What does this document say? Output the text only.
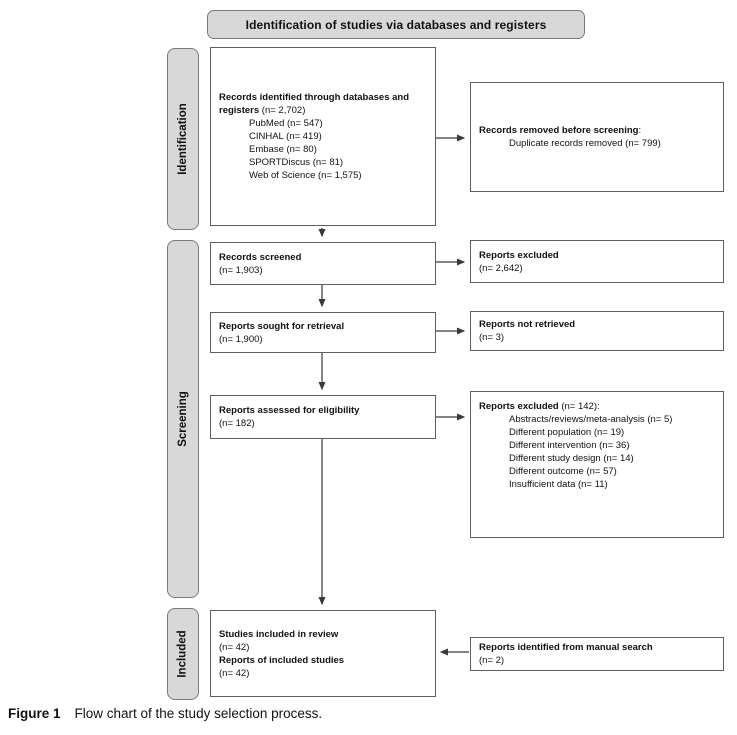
Identification of studies via databases and registers
Identification
Screening
Included
Records identified through databases and registers (n= 2,702)
PubMed (n= 547)
CINHAL (n= 419)
Embase (n= 80)
SPORTDiscus (n= 81)
Web of Science (n= 1,575)
Records screened
(n= 1,903)
Reports sought for retrieval
(n= 1,900)
Reports assessed for eligibility
(n= 182)
Studies included in review
(n= 42)
Reports of included studies
(n= 42)
Records removed before screening:
Duplicate records removed (n= 799)
Reports excluded
(n= 2,642)
Reports not retrieved
(n= 3)
Reports excluded (n= 142):
Abstracts/reviews/meta-analysis (n= 5)
Different population (n= 19)
Different intervention (n= 36)
Different study design (n= 14)
Different outcome (n= 57)
Insufficient data (n= 11)
Reports identified from manual search
(n= 2)
Figure 1 Flow chart of the study selection process.
